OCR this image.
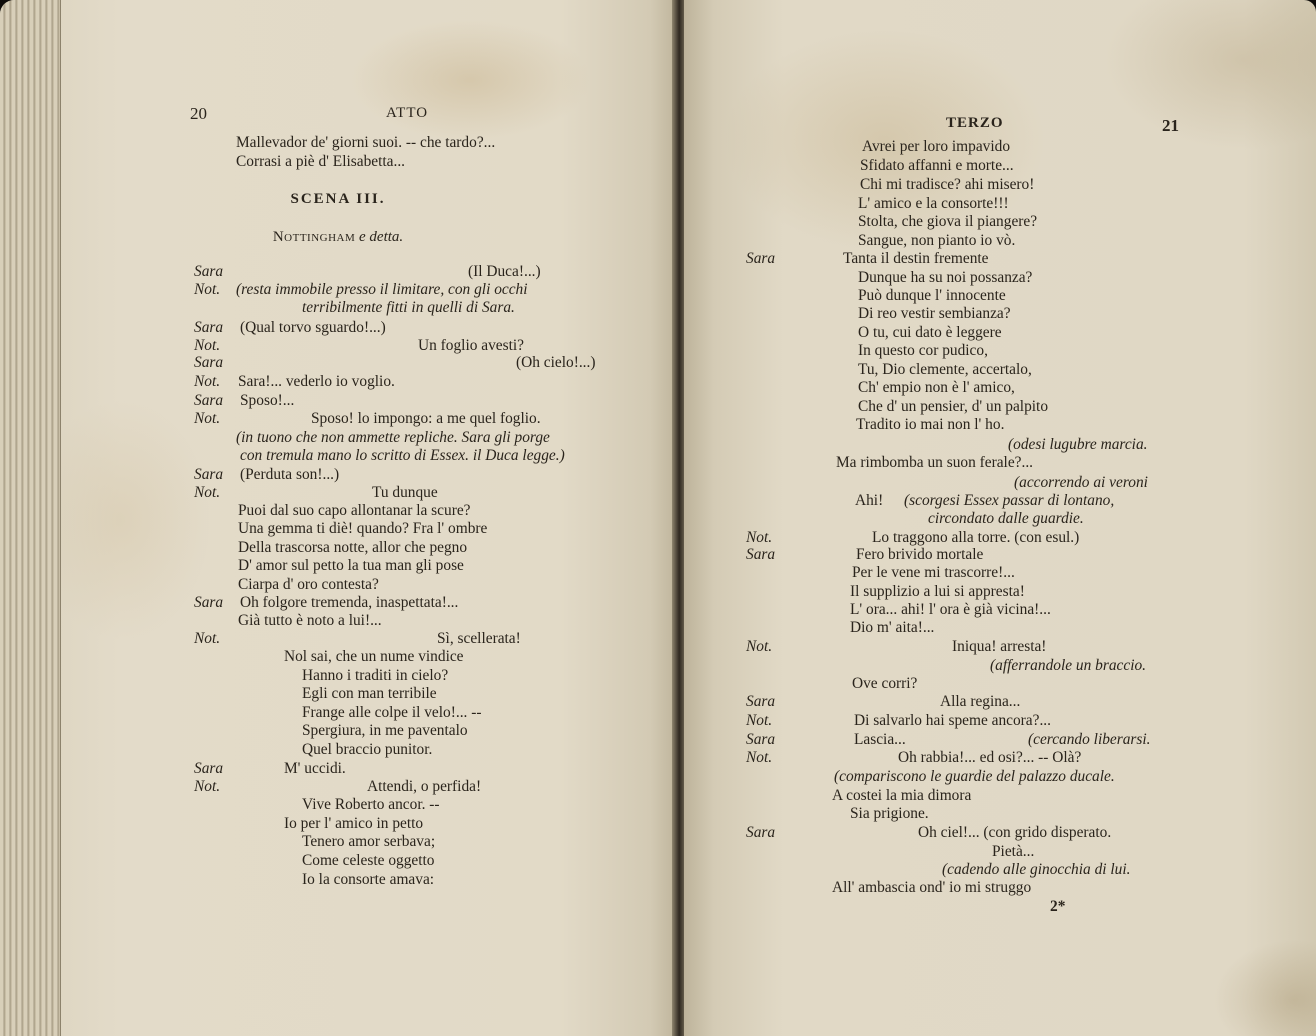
20	ATTO
Mallevador de' giorni suoi. -- che tardo?...
Corrasi a piè d' Elisabetta...
SCENA III.
Nottingham e detta.
Sara	(Il Duca!...)
Not. (resta immobile presso il limitare, con gli occhi
terribilmente fitti in quelli di Sara.
Sara (Qual torvo sguardo!...)
Not.	Un foglio avesti?
Sara	(Oh cielo!...)
Not. Sara!... vederlo io voglio.
Sara Sposo!...
Not.	Sposo! lo impongo: a me quel foglio.
(in tuono che non ammette repliche. Sara gli porge
con tremula mano lo scritto di Essex. il Duca legge.)
Sara (Perduta son!...)
Not.	Tu dunque
Puoi dal suo capo allontanar la scure?
Una gemma ti diè! quando? Fra l' ombre
Della trascorsa notte, allor che pegno
D' amor sul petto la tua man gli pose
Ciarpa d' oro contesta?
Sara Oh folgore tremenda, inaspettata!...
Già tutto è noto a lui!...
Not.	Sì, scellerata!
Nol sai, che un nume vindice
Hanno i traditi in cielo?
Egli con man terribile
Frange alle colpe il velo!... --
Spergiura, in me paventalo
Quel braccio punitor.
Sara	M' uccidi.
Not.	Attendi, o perfida!
Vive Roberto ancor. --
Io per l' amico in petto
Tenero amor serbava;
Come celeste oggetto
Io la consorte amava:
TERZO	21
Avrei per loro impavido
Sfidato affanni e morte...
Chi mi tradisce? ahi misero!
L' amico e la consorte!!!
Stolta, che giova il piangere?
Sangue, non pianto io vò.
Sara	Tanta il destin fremente
Dunque ha su noi possanza?
Può dunque l' innocente
Di reo vestir sembianza?
O tu, cui dato è leggere
In questo cor pudico,
Tu, Dio clemente, accertalo,
Ch' empio non è l' amico,
Che d' un pensier, d' un palpito
Tradito io mai non l' ho.
(odesi lugubre marcia.
Ma rimbomba un suon ferale?...
(accorrendo ai veroni
Ahi! (scorgesi Essex passar di lontano,
circondato dalle guardie.
Not.	Lo traggono alla torre. (con esul.)
Sara	Fero brivido mortale
Per le vene mi trascorre!...
Il supplizio a lui si appresta!
L' ora... ahi! l' ora è già vicina!...
Dio m' aita!...
Not.	Iniqua! arresta!
(afferrandole un braccio.
Ove corri?
Sara	Alla regina...
Not.	Di salvarlo hai speme ancora?...
Sara	Lascia...	(cercando liberarsi.
Not.	Oh rabbia!... ed osi?... -- Olà?
(compariscono le guardie del palazzo ducale.
A costei la mia dimora
Sia prigione.
Sara	Oh ciel!... (con grido disperato.
Pietà...
(cadendo alle ginocchia di lui.
All' ambascia ond' io mi struggo
2*
